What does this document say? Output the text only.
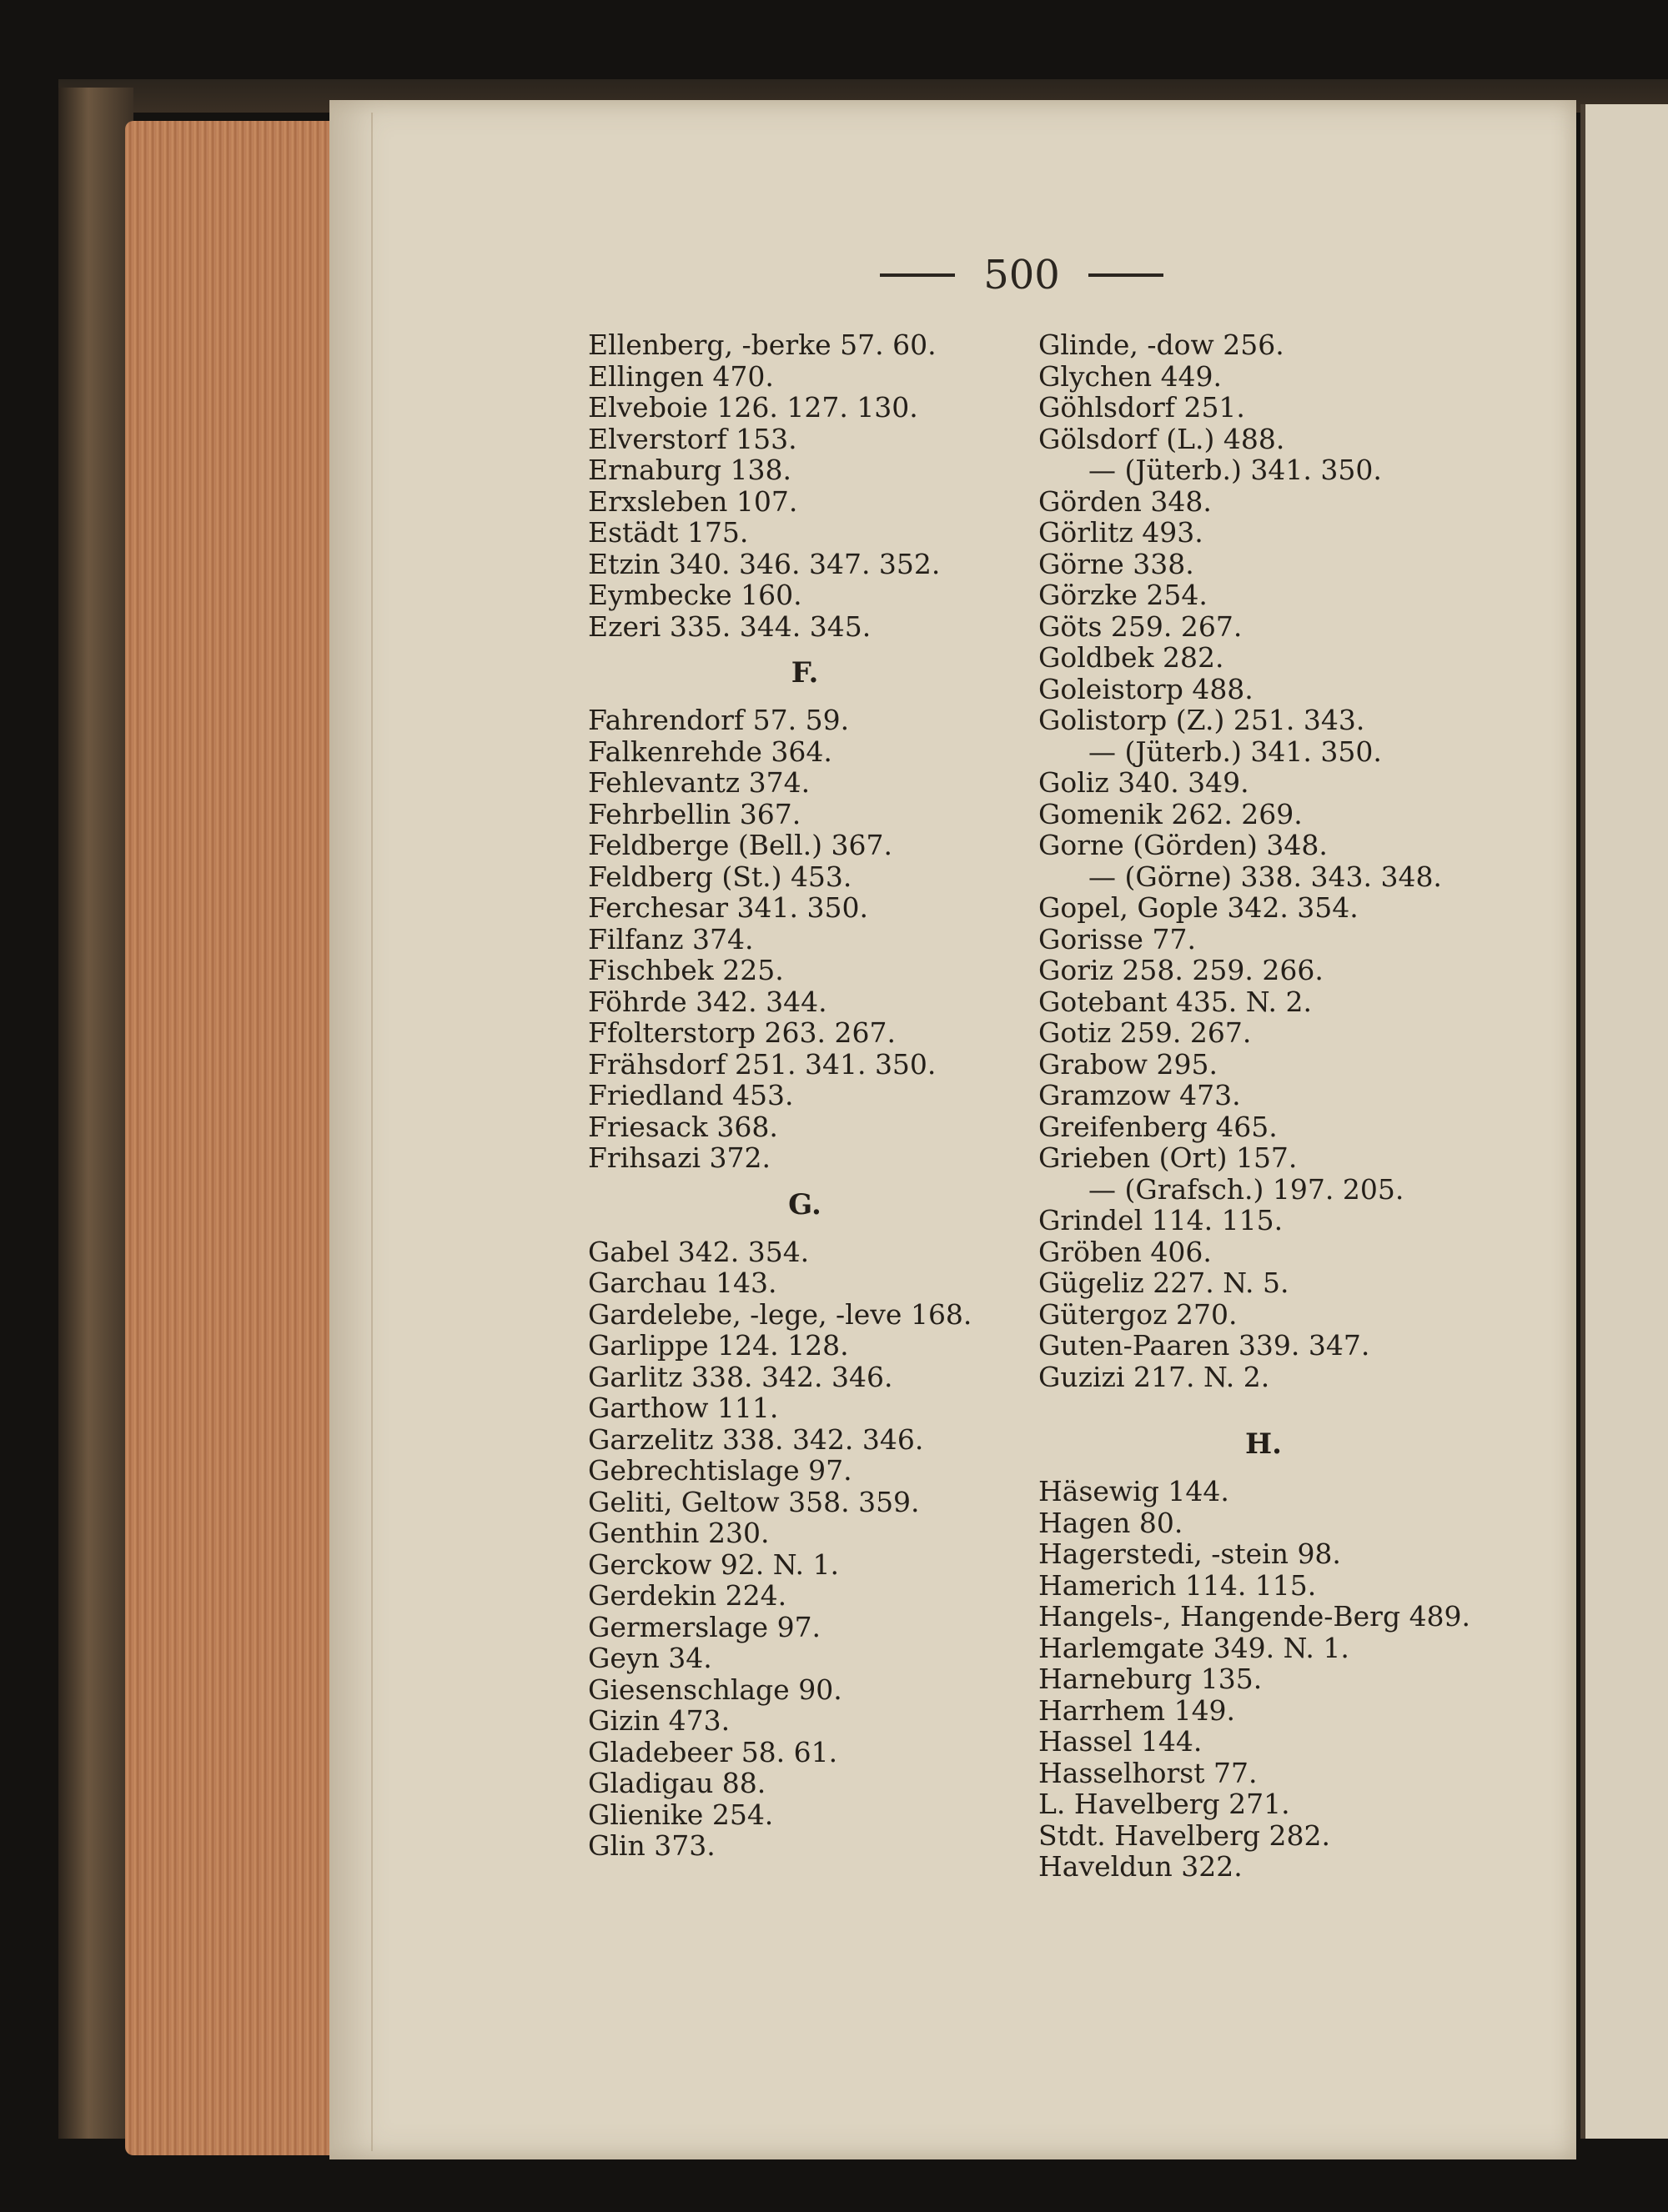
500
Ellenberg, -berke 57. 60.
Ellingen 470.
Elveboie 126. 127. 130.
Elverstorf 153.
Ernaburg 138.
Erxsleben 107.
Estädt 175.
Etzin 340. 346. 347. 352.
Eymbecke 160.
Ezeri 335. 344. 345.
F.
Fahrendorf 57. 59.
Falkenrehde 364.
Fehlevantz 374.
Fehrbellin 367.
Feldberge (Bell.) 367.
Feldberg (St.) 453.
Ferchesar 341. 350.
Filfanz 374.
Fischbek 225.
Föhrde 342. 344.
Ffolterstorp 263. 267.
Frähsdorf 251. 341. 350.
Friedland 453.
Friesack 368.
Frihsazi 372.
G.
Gabel 342. 354.
Garchau 143.
Gardelebe, -lege, -leve 168.
Garlippe 124. 128.
Garlitz 338. 342. 346.
Garthow 111.
Garzelitz 338. 342. 346.
Gebrechtislage 97.
Geliti, Geltow 358. 359.
Genthin 230.
Gerckow 92. N. 1.
Gerdekin 224.
Germerslage 97.
Geyn 34.
Giesenschlage 90.
Gizin 473.
Gladebeer 58. 61.
Gladigau 88.
Glienike 254.
Glin 373.
Glinde, -dow 256.
Glychen 449.
Göhlsdorf 251.
Gölsdorf (L.) 488.
— (Jüterb.) 341. 350.
Görden 348.
Görlitz 493.
Görne 338.
Görzke 254.
Göts 259. 267.
Goldbek 282.
Goleistorp 488.
Golistorp (Z.) 251. 343.
— (Jüterb.) 341. 350.
Goliz 340. 349.
Gomenik 262. 269.
Gorne (Görden) 348.
— (Görne) 338. 343. 348.
Gopel, Gople 342. 354.
Gorisse 77.
Goriz 258. 259. 266.
Gotebant 435. N. 2.
Gotiz 259. 267.
Grabow 295.
Gramzow 473.
Greifenberg 465.
Grieben (Ort) 157.
— (Grafsch.) 197. 205.
Grindel 114. 115.
Gröben 406.
Gügeliz 227. N. 5.
Gütergoz 270.
Guten-Paaren 339. 347.
Guzizi 217. N. 2.
H.
Häsewig 144.
Hagen 80.
Hagerstedi, -stein 98.
Hamerich 114. 115.
Hangels-, Hangende-Berg 489.
Harlemgate 349. N. 1.
Harneburg 135.
Harrhem 149.
Hassel 144.
Hasselhorst 77.
L. Havelberg 271.
Stdt. Havelberg 282.
Haveldun 322.
